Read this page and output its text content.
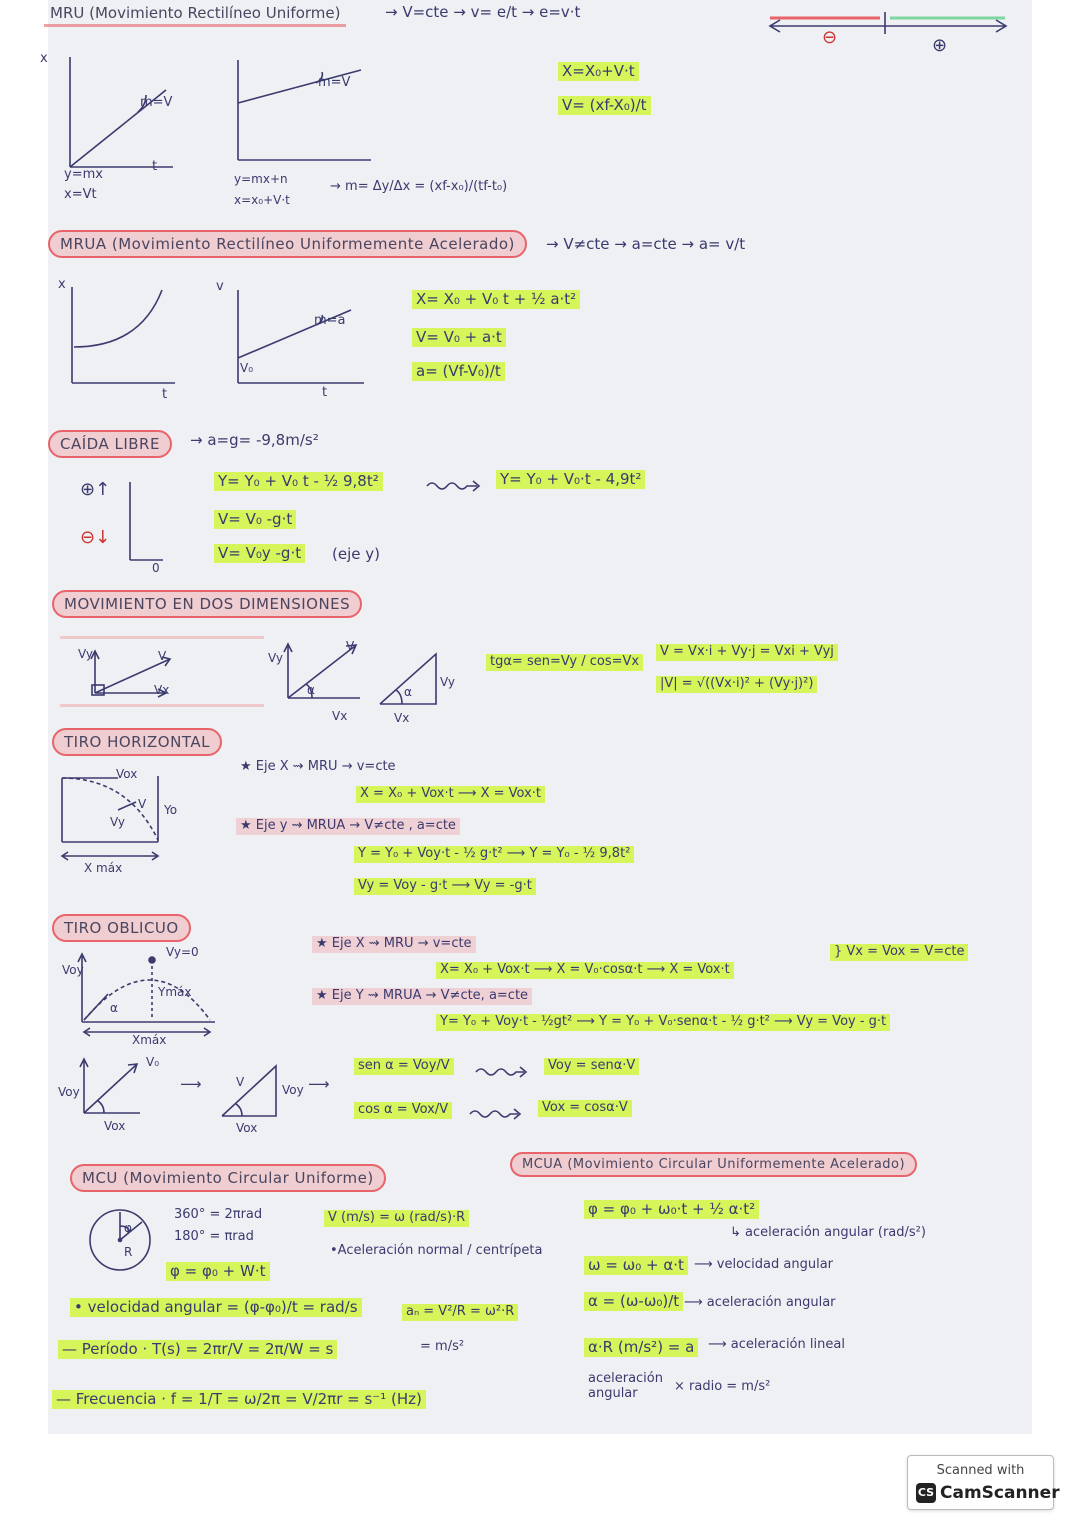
MRU (Movimiento Rectilíneo Uniforme)	→ V=cte → v= e/t → e=v·t
⊖	⊕
x
m=V
t
y=mx
x=Vt
m=V
y=mx+n
x=x₀+V·t
→ m= Δy/Δx = (xf-x₀)/(tf-t₀)
X=X₀+V·t
V= (xf-X₀)/t
MRUA (Movimiento Rectilíneo Uniformemente Acelerado)	→ V≠cte → a=cte → a= v/t
x
t
v
m=a
V₀
t
X= X₀ + V₀ t + ½ a·t²
V= V₀ + a·t
a= (Vf-V₀)/t
CAÍDA LIBRE	→ a=g= -9,8m/s²
⊕↑
⊖↓
0
Y= Y₀ + V₀ t - ½ 9,8t²	Y= Y₀ + V₀·t - 4,9t²
V= V₀ -g·t
V= V₀y -g·t (eje y)
MOVIMIENTO EN DOS DIMENSIONES
Vy	V
Vx
Vy
V
α
Vx
α
Vy
Vx
tgα= sen=Vy / cos=Vx
V = Vx·i + Vy·j = Vxi + Vyj
|V| = √((Vx·i)² + (Vy·j)²)
TIRO HORIZONTAL
Vox
Vy
V Yo
X máx
★ Eje X ⇝ MRU → v=cte
X = X₀ + Vox·t ⟶ X = Vox·t
★ Eje y ⇝ MRUA → V≠cte , a=cte
Y = Y₀ + Voy·t - ½ g·t² ⟶ Y = Y₀ - ½ 9,8t²
Vy = Voy - g·t ⟶ Vy = -g·t
TIRO OBLICUO
Vy=0
Voy
Ymáx
α
Xmáx
V₀
Voy
Vox
⟶	V
Voy
Vox
⟶
★ Eje X ⇝ MRU → v=cte
X= X₀ + Vox·t ⟶ X = V₀·cosα·t ⟶ X = Vox·t
} Vx = Vox = V=cte
★ Eje Y ⇝ MRUA → V≠cte, a=cte
Y= Y₀ + Voy·t - ½gt² ⟶ Y = Y₀ + V₀·senα·t - ½ g·t² ⟶ Vy = Voy - g·t
sen α = Voy/V	Voy = senα·V
cos α = Vox/V	Vox = cosα·V
MCU (Movimiento Circular Uniforme)
φ
R
360° = 2πrad
180° = πrad
φ = φ₀ + W·t
V (m/s) = ω (rad/s)·R
•Aceleración normal / centrípeta
aₙ = V²/R = ω²·R
= m/s²
• velocidad angular = (φ-φ₀)/t = rad/s
— Período · T(s) = 2πr/V = 2π/W = s
— Frecuencia · f = 1/T = ω/2π = V/2πr = s⁻¹ (Hz)
MCUA (Movimiento Circular Uniformemente Acelerado)
φ = φ₀ + ω₀·t + ½ α·t²
↳ aceleración angular (rad/s²)
ω = ω₀ + α·t ⟶ velocidad angular
α = (ω-ω₀)/t ⟶ aceleración angular
α·R (m/s²) = a	⟶ aceleración lineal
aceleración angular	× radio = m/s²
Scanned with
CS CamScanner
